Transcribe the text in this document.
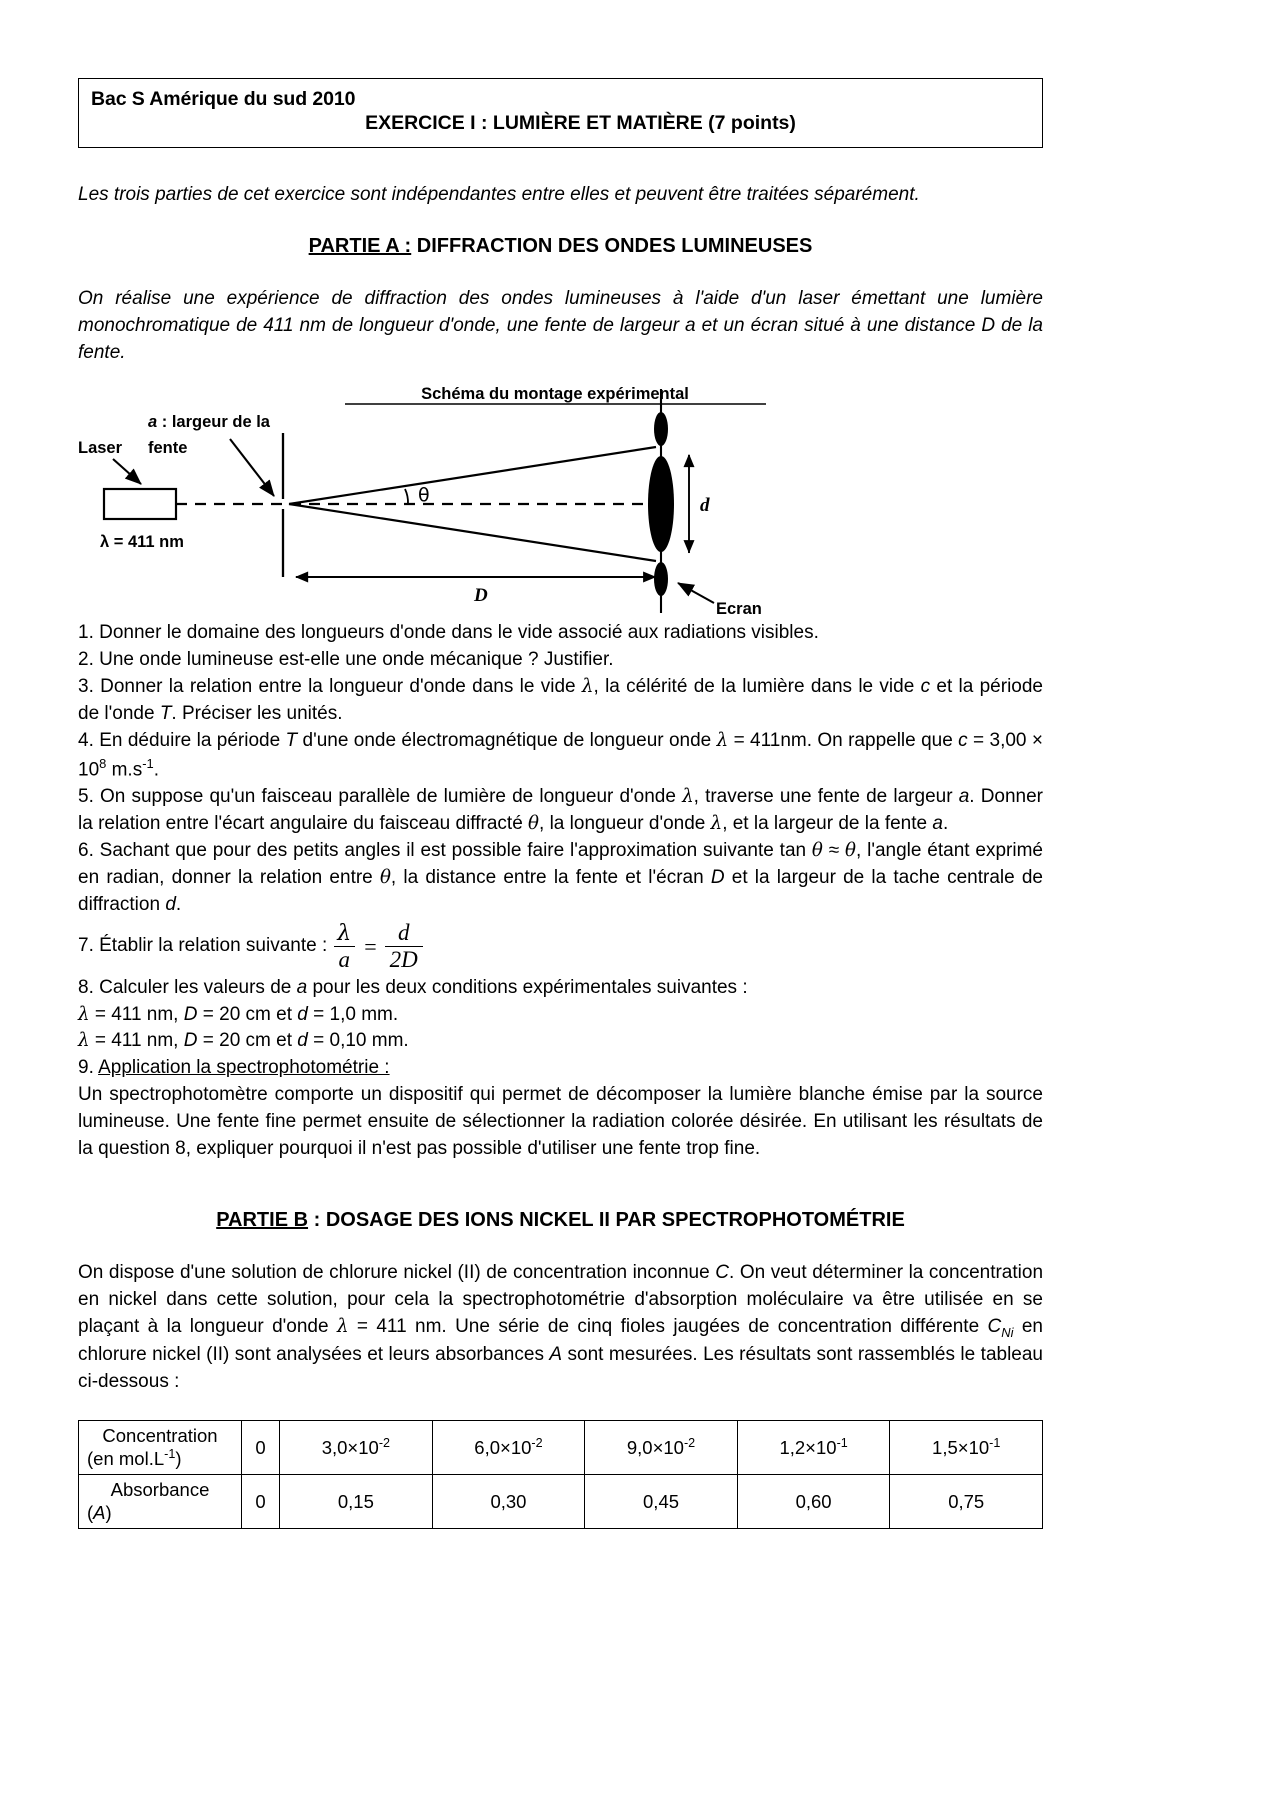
Bac S Amérique du sud 2010
EXERCICE I : LUMIÈRE ET MATIÈRE (7 points)
Les trois parties de cet exercice sont indépendantes entre elles et peuvent être traitées séparément.
PARTIE A : DIFFRACTION DES ONDES LUMINEUSES
On réalise une expérience de diffraction des ondes lumineuses à l'aide d'un laser émettant une lumière monochromatique de 411 nm de longueur d'onde, une fente de largeur a et un écran situé à une distance D de la fente.
Schéma du montage expérimental
a : largeur de la
fente
Laser
λ = 411 nm
θ	d
D
Ecran

1. Donner le domaine des longueurs d'onde dans le vide associé aux radiations visibles.

2. Une onde lumineuse est-elle une onde mécanique ? Justifier.

3. Donner la relation entre la longueur d'onde dans le vide λ, la célérité de la lumière dans le vide c et la période de l'onde T. Préciser les unités.

4. En déduire la période T d'une onde électromagnétique de longueur onde λ = 411nm. On rappelle que $c = 3,00 \times 10^8$ $m.s^{-1}$.

5. On suppose qu'un faisceau parallèle de lumière de longueur d'onde λ, traverse une fente de largeur a. Donner la relation entre l'écart angulaire du faisceau diffracté θ, la longueur d'onde λ, et la largeur de la fente a.

6. Sachant que pour des petits angles il est possible faire l'approximation suivante tan θ ≈ θ, l'angle étant exprimé en radian, donner la relation entre θ, la distance entre la fente et l'écran D et la largeur de la tache centrale de diffraction d.

7. Établir la relation suivante : $\frac{\lambda}{a} = \frac{d}{2D}$

8. Calculer les valeurs de a pour les deux conditions expérimentales suivantes :

λ = 411 nm, D = 20 cm et d = 1,0 mm.

λ = 411 nm, D = 20 cm et d = 0,10 mm.

9. Application la spectrophotométrie :

Un spectrophotomètre comporte un dispositif qui permet de décomposer la lumière blanche émise par la source lumineuse. Une fente fine permet ensuite de sélectionner la radiation colorée désirée. En utilisant les résultats de la question 8, expliquer pourquoi il n'est pas possible d'utiliser une fente trop fine.

PARTIE B : DOSAGE DES IONS NICKEL II PAR SPECTROPHOTOMÉTRIE

On dispose d'une solution de chlorure nickel (II) de concentration inconnue C. On veut déterminer la concentration en nickel dans cette solution, pour cela la spectrophotométrie d'absorption moléculaire va être utilisée en se plaçant à la longueur d'onde λ = 411 nm. Une série de cinq fioles jaugées de concentration différente $C_{Ni}$ en chlorure nickel (II) sont analysées et leurs absorbances A sont mesurées. Les résultats sont rassemblés le tableau ci-dessous :

Concentration
(en $mol.L^{-1}$)	0	$3,0\times 10^{-2}$	$6,0\times 10^{-2}$	$9,0\times 10^{-2}$	$1,2\times 10^{-1}$	$1,5\times 10^{-1}$

Absorbance
(A)	0	0,15	0,30	0,45	0,60	0,75
